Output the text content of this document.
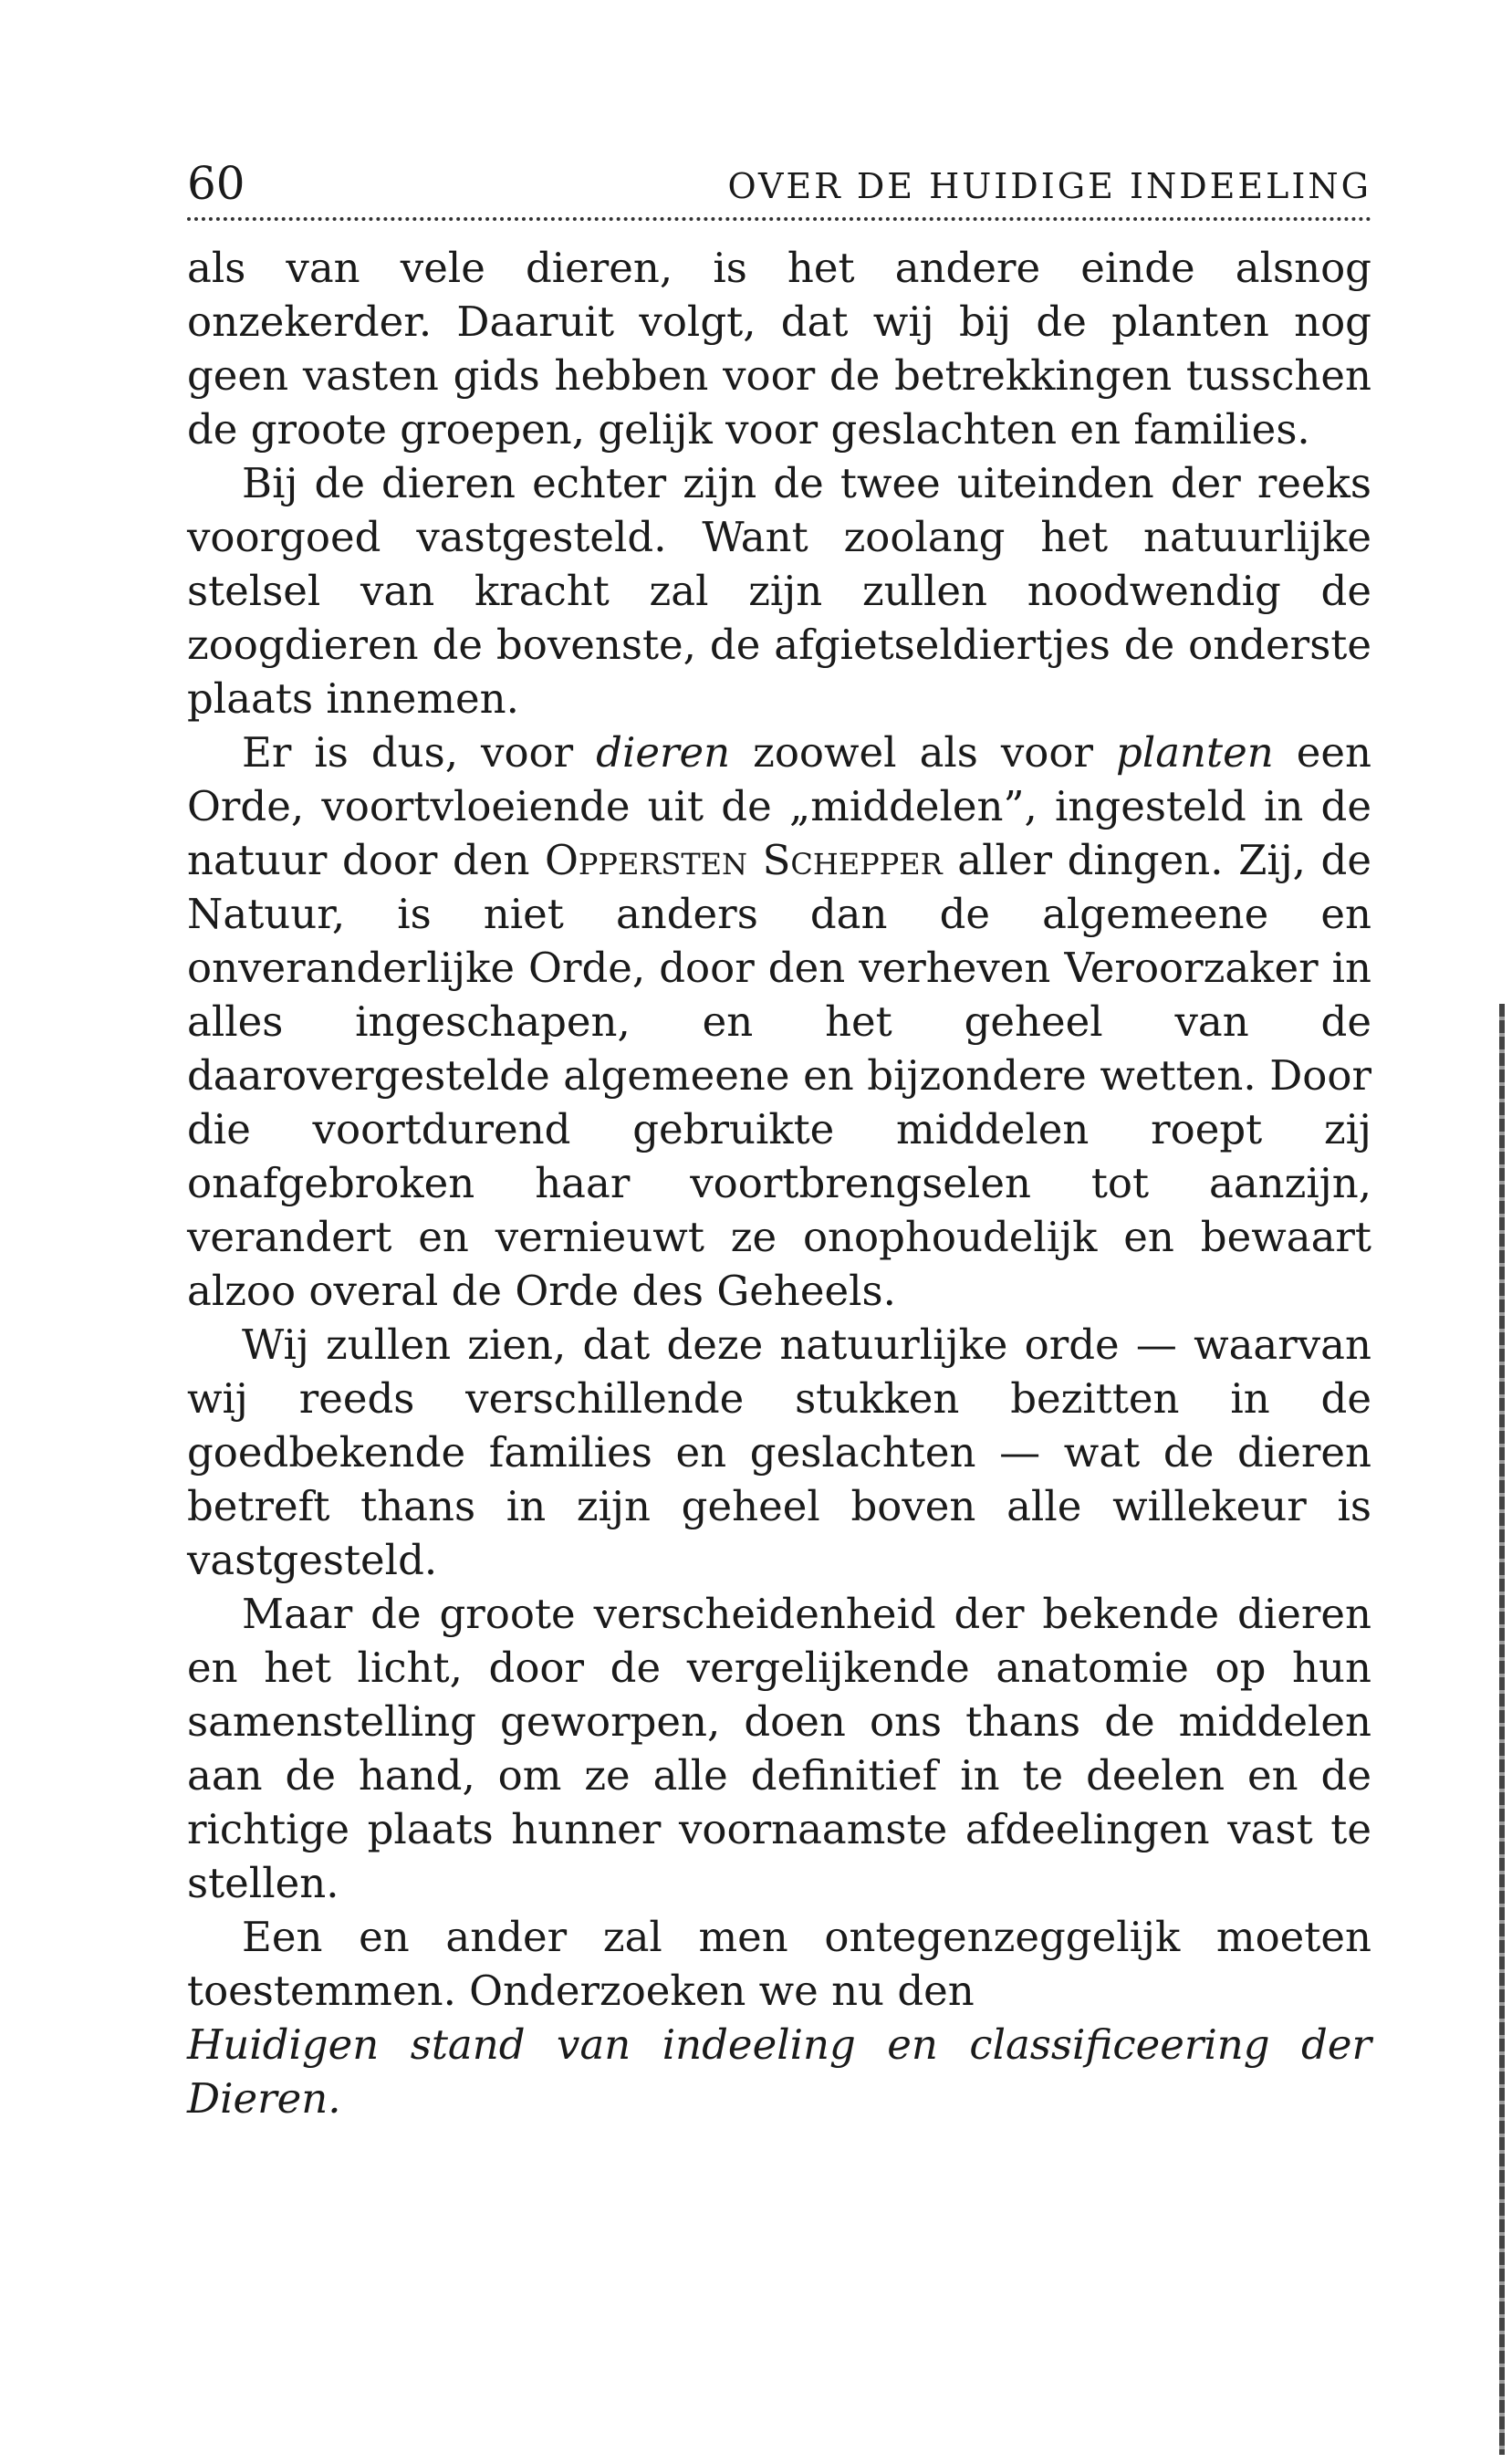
60	OVER DE HUIDIGE INDEELING

als van vele dieren, is het andere einde alsnog onzekerder. Daaruit volgt, dat wij bij de planten nog geen vasten gids hebben voor de betrekkingen tusschen de groote groepen, gelijk voor geslachten en families.

Bij de dieren echter zijn de twee uiteinden der reeks voorgoed vastgesteld. Want zoolang het natuurlijke stelsel van kracht zal zijn zullen noodwendig de zoogdieren de bovenste, de afgietseldiertjes de onderste plaats innemen.

Er is dus, voor dieren zoowel als voor planten een Orde, voortvloeiende uit de „middelen”, ingesteld in de natuur door den Oppersten Schepper aller dingen. Zij, de Natuur, is niet anders dan de algemeene en onveranderlijke Orde, door den verheven Veroorzaker in alles ingeschapen, en het geheel van de daarovergestelde algemeene en bijzondere wetten. Door die voortdurend gebruikte middelen roept zij onafgebroken haar voortbrengselen tot aanzijn, verandert en vernieuwt ze onophoudelijk en bewaart alzoo overal de Orde des Geheels.

Wij zullen zien, dat deze natuurlijke orde — waarvan wij reeds verschillende stukken bezitten in de goedbekende families en geslachten — wat de dieren betreft thans in zijn geheel boven alle willekeur is vastgesteld.

Maar de groote verscheidenheid der bekende dieren en het licht, door de vergelijkende anatomie op hun samenstelling geworpen, doen ons thans de middelen aan de hand, om ze alle definitief in te deelen en de richtige plaats hunner voornaamste afdeelingen vast te stellen.

Een en ander zal men ontegenzeggelijk moeten toestemmen. Onderzoeken we nu den

Huidigen stand van indeeling en classificeering der

Dieren.
